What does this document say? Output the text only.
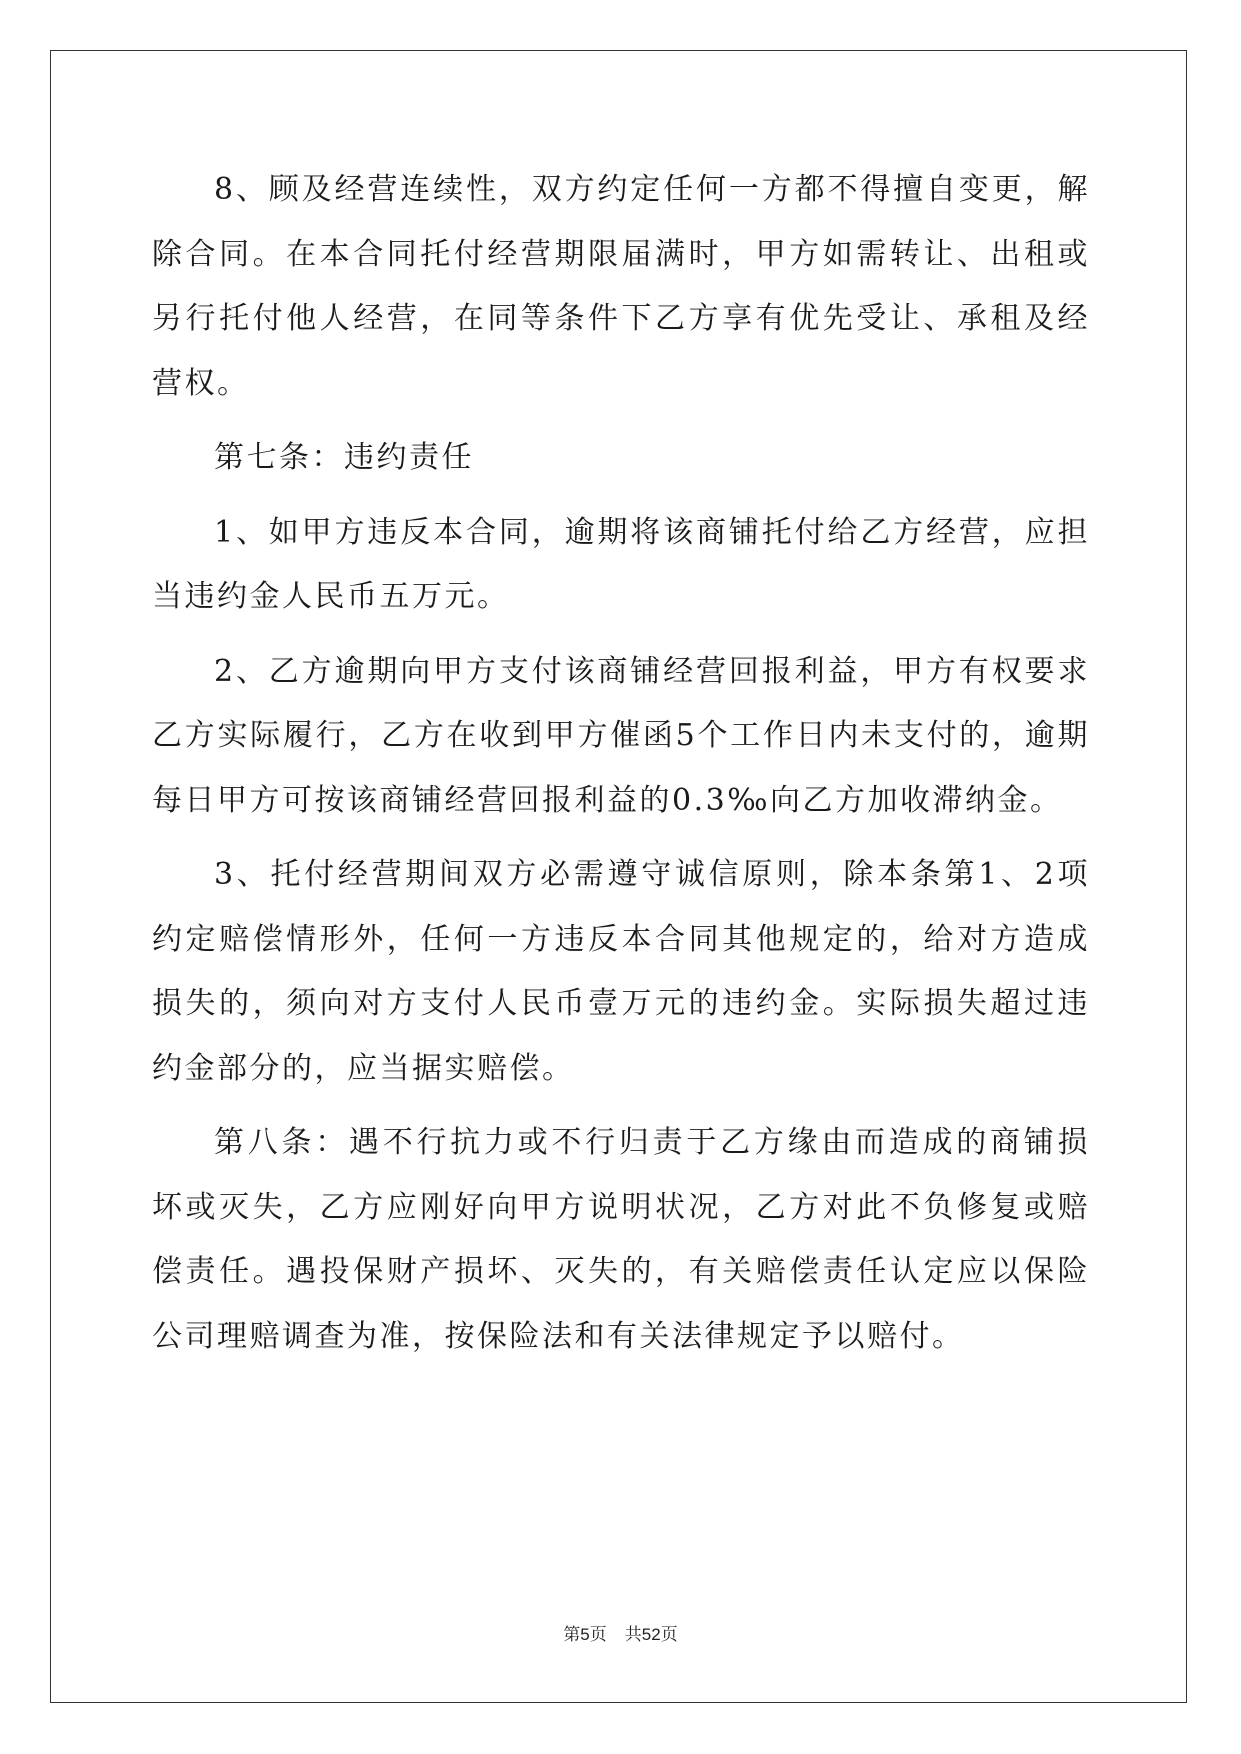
8、顾及经营连续性，双方约定任何一方都不得擅自变更，解除合同。在本合同托付经营期限届满时，甲方如需转让、出租或另行托付他人经营，在同等条件下乙方享有优先受让、承租及经营权。

第七条：违约责任

1、如甲方违反本合同，逾期将该商铺托付给乙方经营，应担当违约金人民币五万元。

2、乙方逾期向甲方支付该商铺经营回报利益，甲方有权要求乙方实际履行，乙方在收到甲方催函5个工作日内未支付的，逾期每日甲方可按该商铺经营回报利益的0.3‰向乙方加收滞纳金。

3、托付经营期间双方必需遵守诚信原则，除本条第1、2项约定赔偿情形外，任何一方违反本合同其他规定的，给对方造成损失的，须向对方支付人民币壹万元的违约金。实际损失超过违约金部分的，应当据实赔偿。

第八条：遇不行抗力或不行归责于乙方缘由而造成的商铺损坏或灭失，乙方应刚好向甲方说明状况，乙方对此不负修复或赔偿责任。遇投保财产损坏、灭失的，有关赔偿责任认定应以保险公司理赔调查为准，按保险法和有关法律规定予以赔付。

第5页 共52页
